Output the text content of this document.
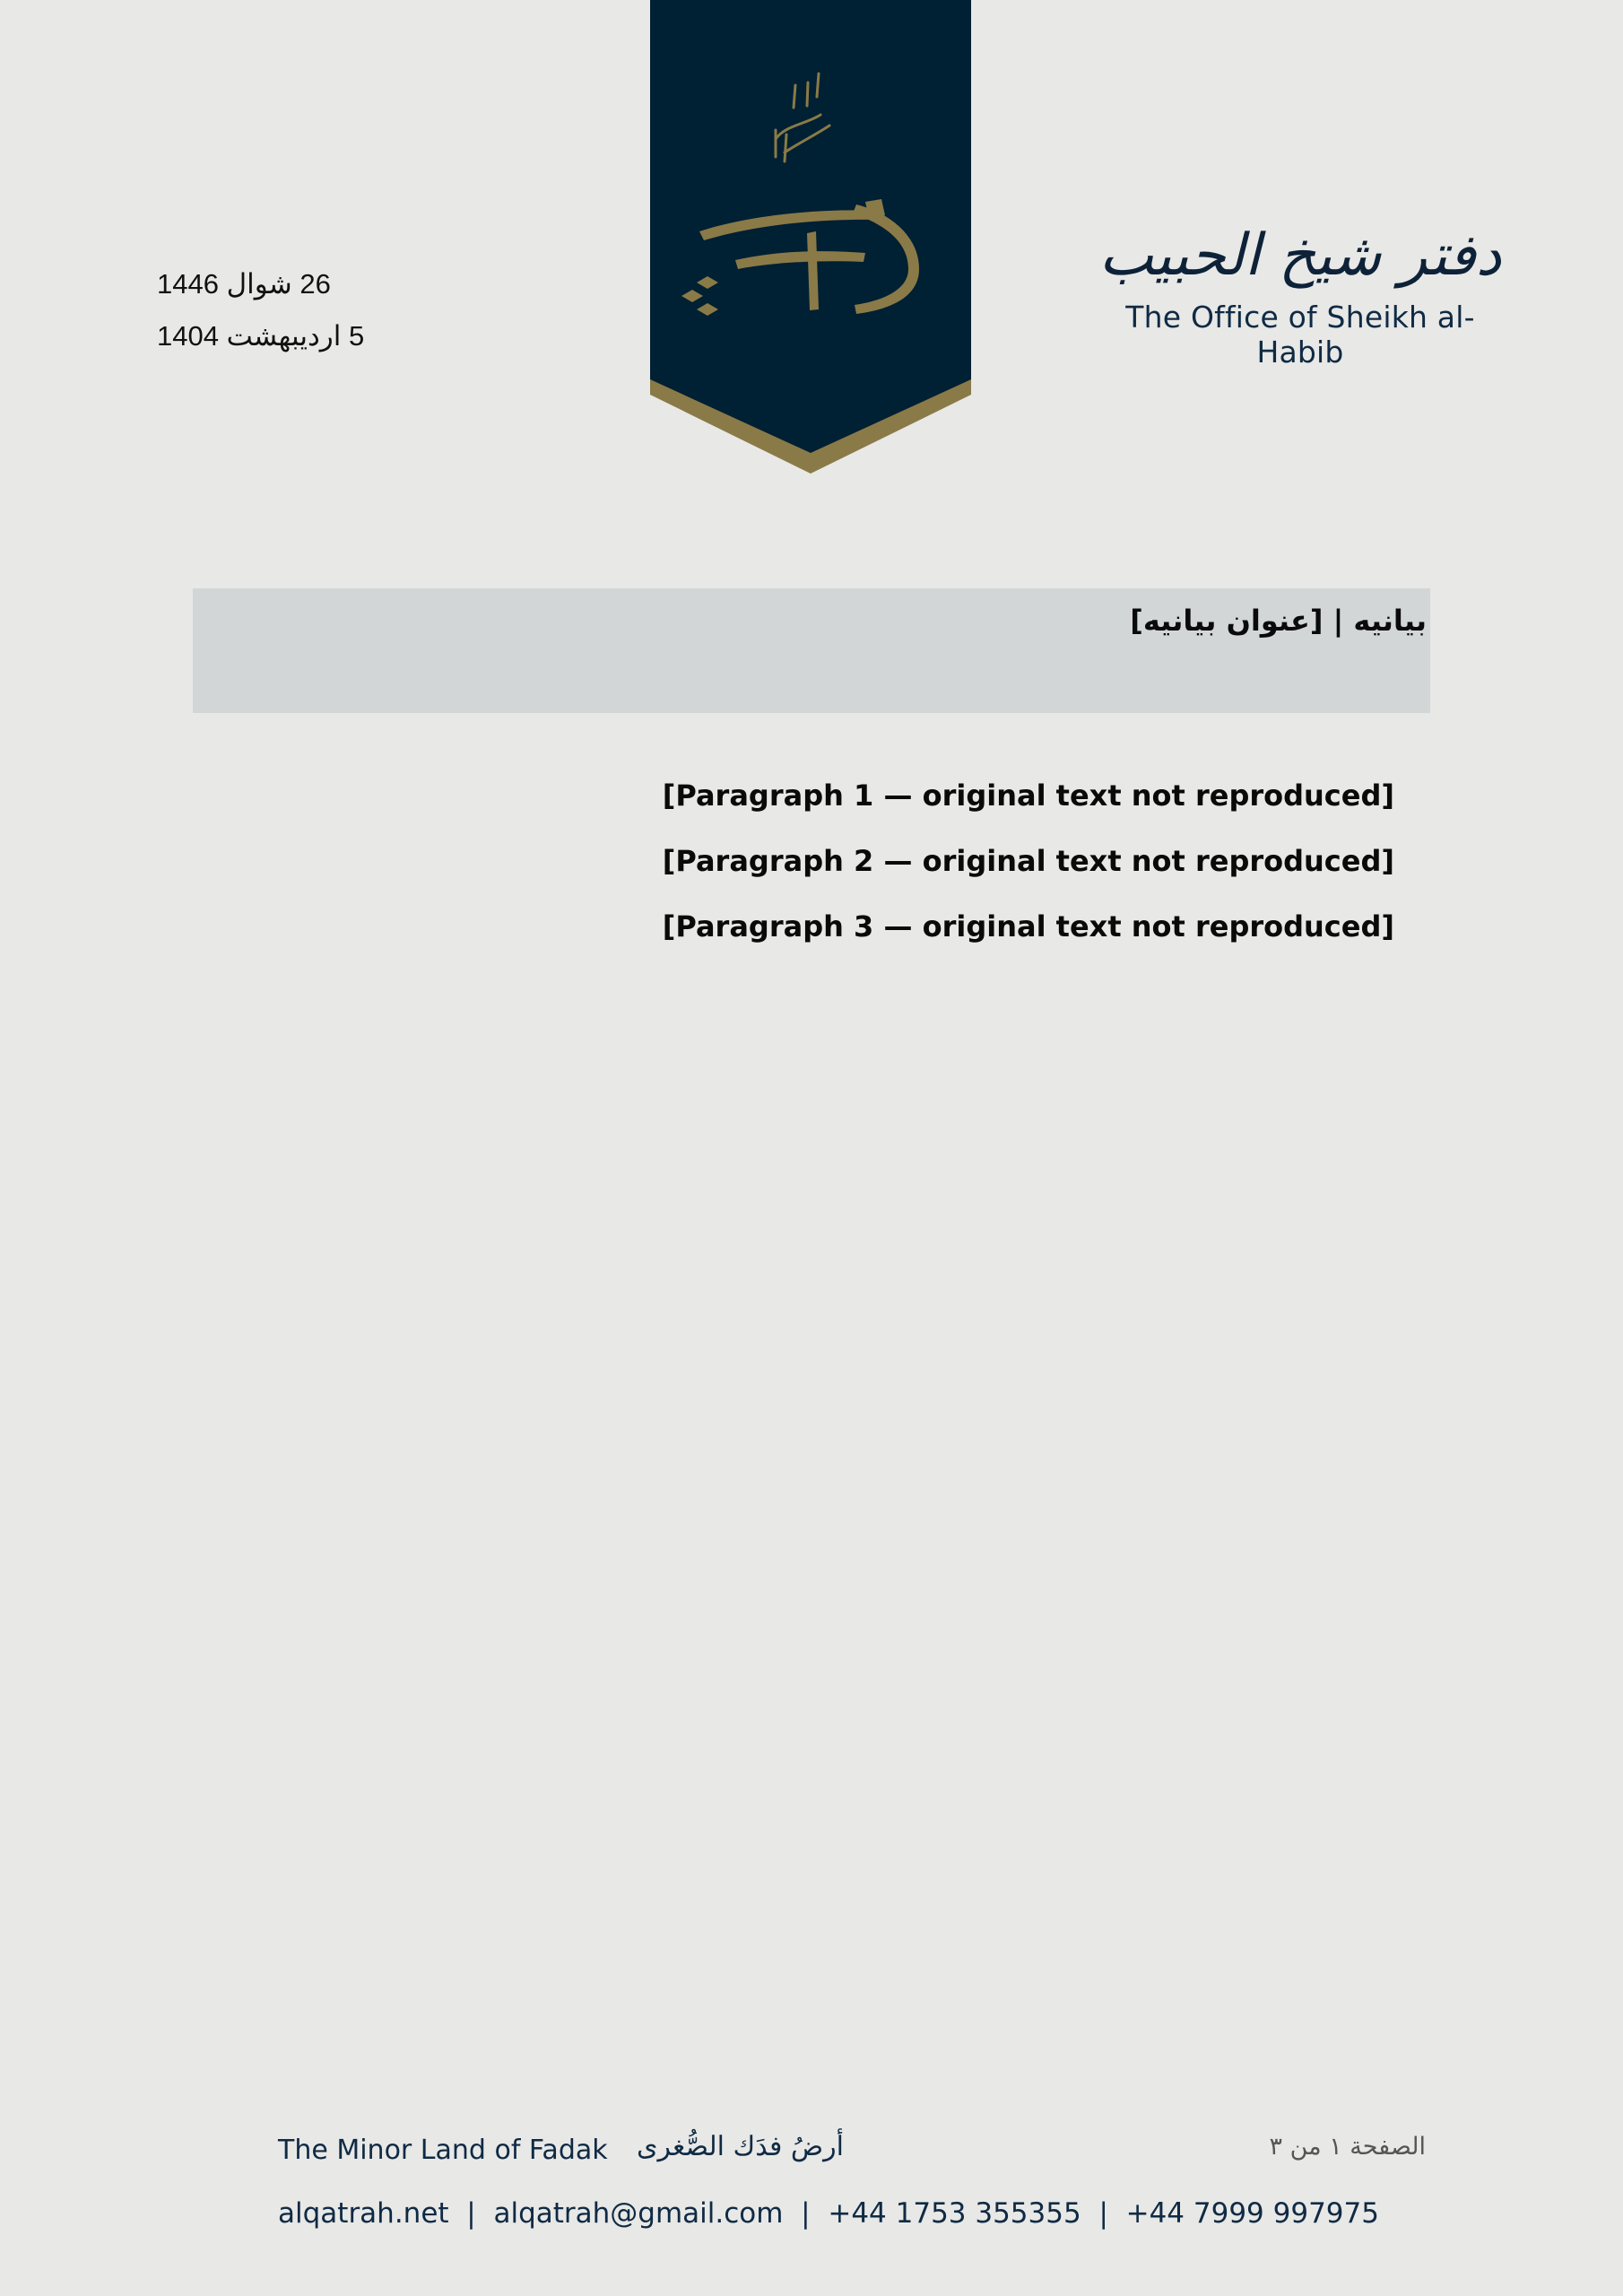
26 شوال 1446
5 اردیبهشت 1404
دفتر شیخ الحبیب
The Office of Sheikh al-Habib
بیانیه | [عنوان بیانیه]

[Paragraph 1 — original text not reproduced]

[Paragraph 2 — original text not reproduced]

[Paragraph 3 — original text not reproduced]

The Minor Land of Fadak أرضُ فدَك الصُّغرى	الصفحة ١ من ٣
alqatrah.net | alqatrah@gmail.com | +44 1753 355355 | +44 7999 997975
